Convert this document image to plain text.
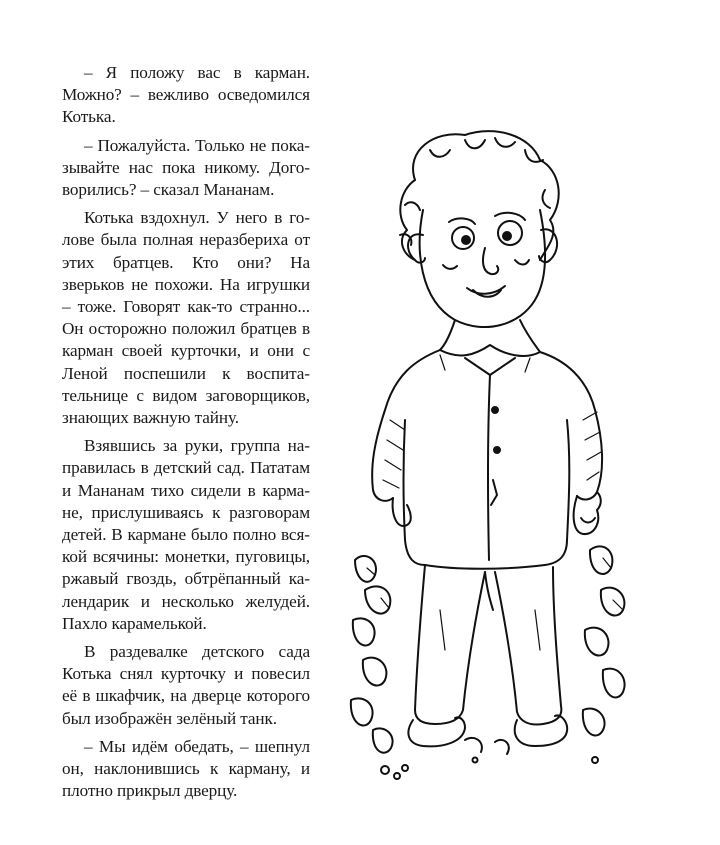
– Я положу вас в карман. Можно? – вежливо осведомился Котька.

– Пожалуйста. Только не показывайте нас пока никому. Договорились? – сказал Мананам.

Котька вздохнул. У него в голове была полная неразбериха от этих братцев. Кто они? На зверьков не похожи. На игрушки – тоже. Говорят как-то странно... Он осторожно положил братцев в карман своей курточки, и они с Леной поспешили к воспитательнице с видом заговорщиков, знающих важную тайну.

Взявшись за руки, группа направилась в детский сад. Пататам и Мананам тихо сидели в кармане, прислушиваясь к разговорам детей. В кармане было полно всякой всячины: монетки, пуговицы, ржавый гвоздь, обтрёпанный календарик и несколько желудей. Пахло карамелькой.

В раздевалке детского сада Котька снял курточку и повесил её в шкафчик, на дверце которого был изображён зелёный танк.

– Мы идём обедать, – шепнул он, наклонившись к карману, и плотно прикрыл дверцу.
